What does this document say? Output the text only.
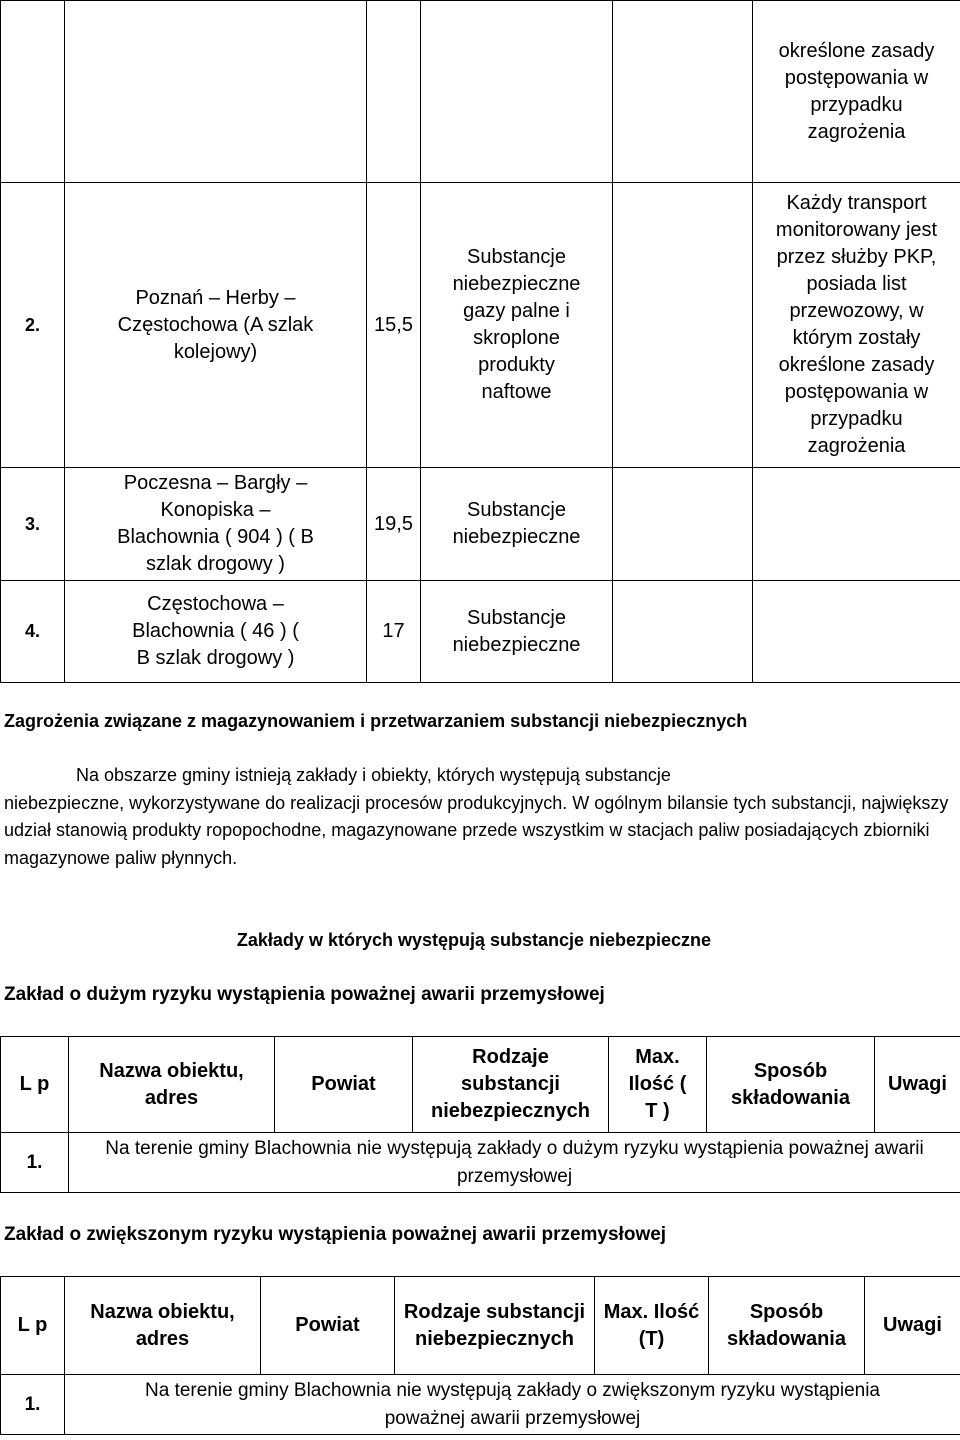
					określone zasady postępowania w przypadku zagrożenia
2.	Poznań – Herby – Częstochowa (A szlak kolejowy)	15,5	Substancje niebezpieczne gazy palne i skroplone produkty naftowe		Każdy transport monitorowany jest przez służby PKP, posiada list przewozowy, w którym zostały określone zasady postępowania w przypadku zagrożenia
3.	Poczesna – Bargły – Konopiska – Blachownia ( 904 ) ( B szlak drogowy )	19,5	Substancje niebezpieczne		
4.	Częstochowa – Blachownia ( 46 ) ( B szlak drogowy )	17	Substancje niebezpieczne		
Zagrożenia związane z magazynowaniem i przetwarzaniem substancji niebezpiecznych
Na obszarze gminy istnieją zakłady i obiekty, których występują substancje
niebezpieczne, wykorzystywane do realizacji procesów produkcyjnych. W ogólnym bilansie tych substancji, największy udział stanowią produkty ropopochodne, magazynowane przede wszystkim w stacjach paliw posiadających zbiorniki magazynowe paliw płynnych.
Zakłady w których występują substancje niebezpieczne
Zakład o dużym ryzyku wystąpienia poważnej awarii przemysłowej
L p	Nazwa obiektu, adres	Powiat	Rodzaje substancji niebezpiecznych	Max. Ilość ( T )	Sposób składowania	Uwagi
1.	Na terenie gminy Blachownia nie występują zakłady o dużym ryzyku wystąpienia poważnej awarii przemysłowej					
Zakład o zwiększonym ryzyku wystąpienia poważnej awarii przemysłowej
L p	Nazwa obiektu, adres	Powiat	Rodzaje substancji niebezpiecznych	Max. Ilość (T)	Sposób składowania	Uwagi
1.	Na terenie gminy Blachownia nie występują zakłady o zwiększonym ryzyku wystąpienia poważnej awarii przemysłowej					
